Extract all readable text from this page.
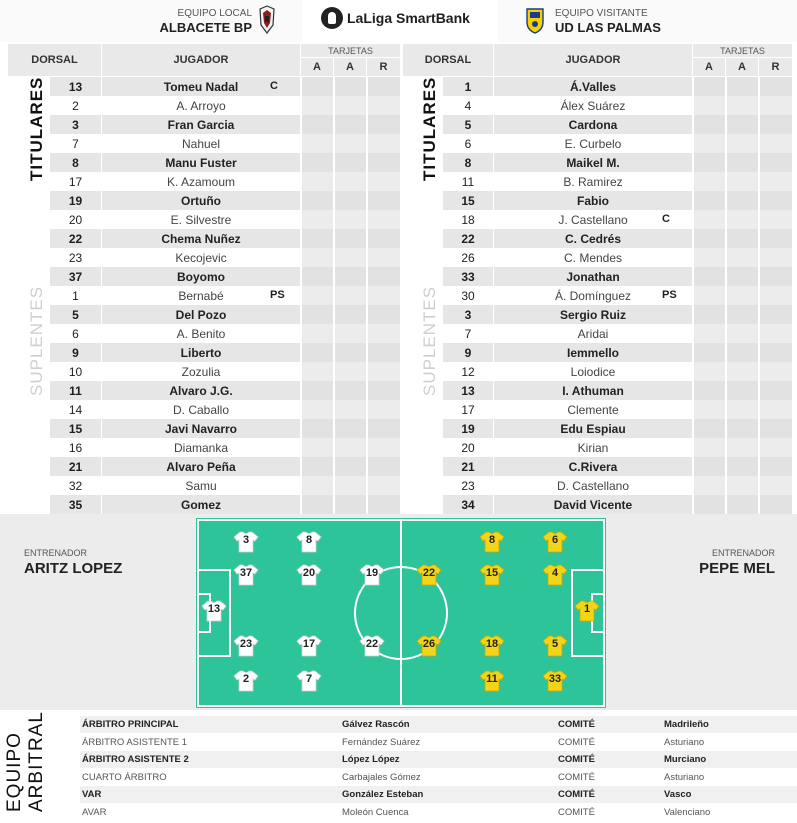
EQUIPO LOCAL
ALBACETE BP
LaLiga SmartBank	EQUIPO VISITANTE
UD LAS PALMAS
DORSAL	JUGADOR
TARJETAS
A	A	R
DORSAL	JUGADOR
TARJETAS
A	A	R
TITULARES
SUPLENTES
TITULARES
SUPLENTES
13	Tomeu Nadal	C
2	A. Arroyo
3	Fran Garcia
7	Nahuel
8	Manu Fuster
17	K. Azamoum
19	Ortuño
20	E. Silvestre
22	Chema Nuñez
23	Kecojevic
37	Boyomo
1	Bernabé	PS
5	Del Pozo
6	A. Benito
9	Liberto
10	Zozulia
11	Alvaro J.G.
14	D. Caballo
15	Javi Navarro
16	Diamanka
21	Alvaro Peña
32	Samu
35	Gomez
1	Á.Valles
4	Álex Suárez
5	Cardona
6	E. Curbelo
8	Maikel M.
11	B. Ramirez
15	Fabio
18	J. Castellano	C
22	C. Cedrés
26	C. Mendes
33	Jonathan
30	Á. Domínguez	PS
3	Sergio Ruiz
7	Aridai
9	Iemmello
12	Loiodice
13	I. Athuman
17	Clemente
19	Edu Espiau
20	Kirian
21	C.Rivera
23	D. Castellano
34	David Vicente
ENTRENADOR
ARITZ LOPEZ
ENTRENADOR
PEPE MEL
3	8
37	20	19
13
23	17	22
2	7
8	6
22	15	4
1
26	18	5
11	33
EQUIPO ARBITRAL	ÁRBITRO PRINCIPAL	Gálvez Rascón	COMITÉ	Madrileño
ÁRBITRO ASISTENTE 1	Fernández Suárez	COMITÉ	Asturiano
ÁRBITRO ASISTENTE 2	López López	COMITÉ	Murciano
CUARTO ÁRBITRO	Carbajales Gómez	COMITÉ	Asturiano
VAR	González Esteban	COMITÉ	Vasco
AVAR	Moleón Cuenca	COMITÉ	Valenciano
